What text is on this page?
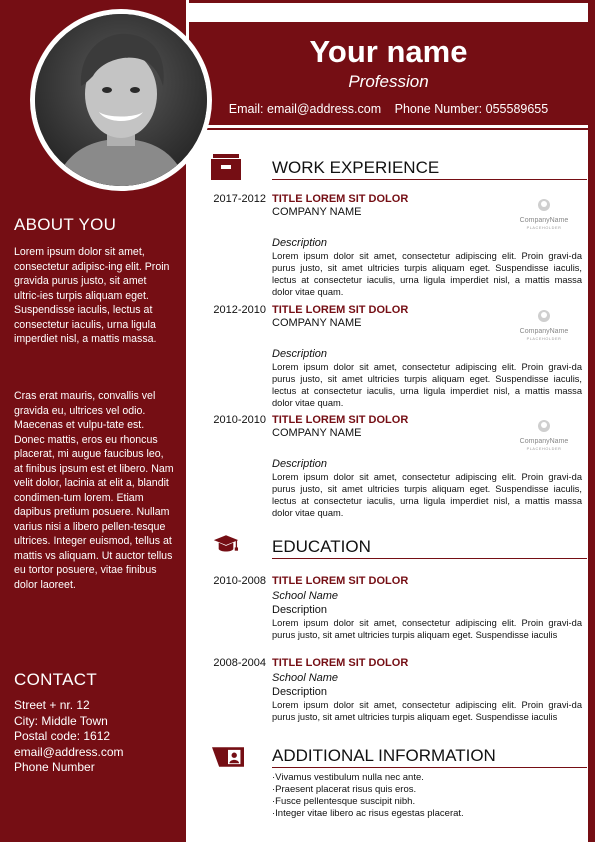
Your name
Profession
Email: email@address.com Phone Number: 055589655
ABOUT YOU
Lorem ipsum dolor sit amet, consectetur adipisc-ing elit. Proin gravida purus justo, sit amet ultric-ies turpis aliquam eget. Suspendisse iaculis, lectus at consectetur iaculis, urna ligula imperdiet nisl, a mattis massa.
Cras erat mauris, convallis vel gravida eu, ultrices vel odio. Maecenas et vulpu-tate est. Donec mattis, eros eu rhoncus placerat, mi augue faucibus leo, at finibus ipsum est et libero. Nam velit dolor, lacinia at elit a, blandit condimen-tum lorem. Etiam dapibus pretium posuere. Nullam varius nisi a libero pellen-tesque ultrices. Integer euismod, tellus at mattis vs aliquam. Ut auctor tellus eu tortor posuere, vitae finibus dolor laoreet.
CONTACT
Street + nr. 12
City: Middle Town
Postal code: 1612
email@address.com
Phone Number
WORK EXPERIENCE
2017-2012 TITLE LOREM SIT DOLOR
COMPANY NAME
CompanyName
PLACEHOLDER
Description
Lorem ipsum dolor sit amet, consectetur adipiscing elit. Proin gravi-da purus justo, sit amet ultricies turpis aliquam eget. Suspendisse iaculis, lectus at consectetur iaculis, urna ligula imperdiet nisl, a mattis massa dolor vitae quam.
2012-2010 TITLE LOREM SIT DOLOR
COMPANY NAME
CompanyName
PLACEHOLDER
Description
Lorem ipsum dolor sit amet, consectetur adipiscing elit. Proin gravi-da purus justo, sit amet ultricies turpis aliquam eget. Suspendisse iaculis, lectus at consectetur iaculis, urna ligula imperdiet nisl, a mattis massa dolor vitae quam.
2010-2010 TITLE LOREM SIT DOLOR
COMPANY NAME
CompanyName
PLACEHOLDER
Description
Lorem ipsum dolor sit amet, consectetur adipiscing elit. Proin gravi-da purus justo, sit amet ultricies turpis aliquam eget. Suspendisse iaculis, lectus at consectetur iaculis, urna ligula imperdiet nisl, a mattis massa dolor vitae quam.
EDUCATION
2010-2008 TITLE LOREM SIT DOLOR
School Name
Description
Lorem ipsum dolor sit amet, consectetur adipiscing elit. Proin gravi-da purus justo, sit amet ultricies turpis aliquam eget. Suspendisse iaculis
2008-2004 TITLE LOREM SIT DOLOR
School Name
Description
Lorem ipsum dolor sit amet, consectetur adipiscing elit. Proin gravi-da purus justo, sit amet ultricies turpis aliquam eget. Suspendisse iaculis
ADDITIONAL INFORMATION
·Vivamus vestibulum nulla nec ante.
·Praesent placerat risus quis eros.
·Fusce pellentesque suscipit nibh.
·Integer vitae libero ac risus egestas placerat.
